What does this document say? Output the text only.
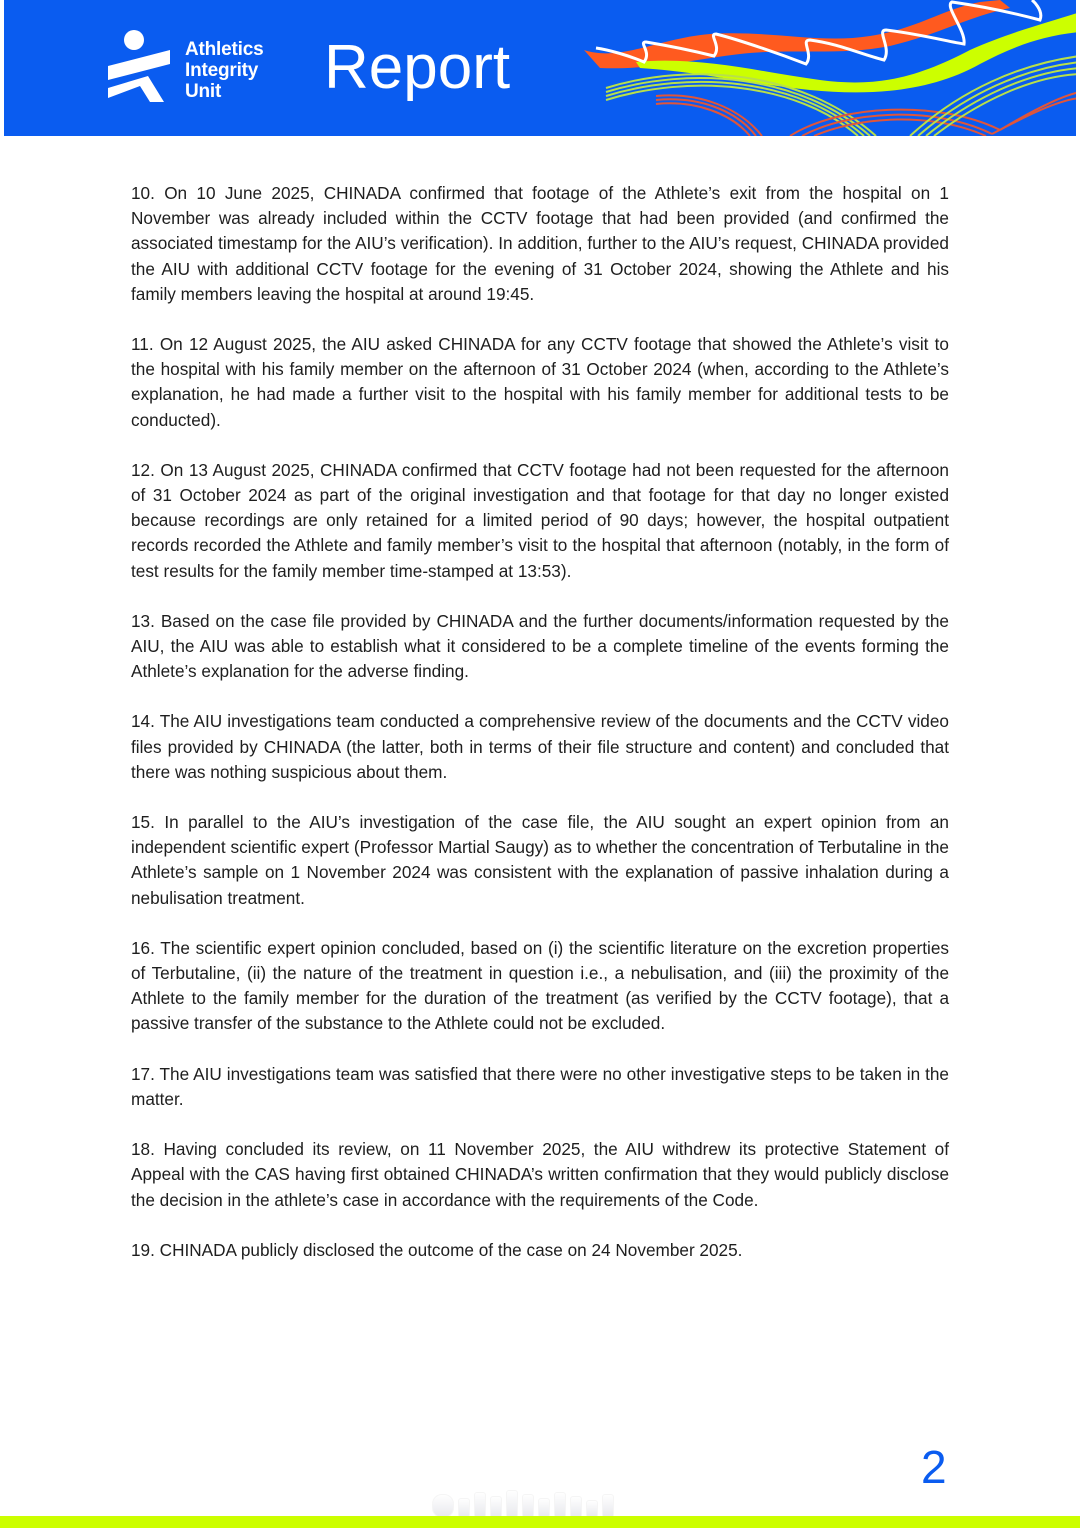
Athletics
Integrity
Unit	Report

10. On 10 June 2025, CHINADA confirmed that footage of the Athlete’s exit from the hospital on 1 November was already included within the CCTV footage that had been provided (and confirmed the associated timestamp for the AIU’s verification). In addition, further to the AIU’s request, CHINADA provided the AIU with additional CCTV footage for the evening of 31 October 2024, showing the Athlete and his family members leaving the hospital at around 19:45.

11. On 12 August 2025, the AIU asked CHINADA for any CCTV footage that showed the Athlete’s visit to the hospital with his family member on the afternoon of 31 October 2024 (when, according to the Athlete’s explanation, he had made a further visit to the hospital with his family member for additional tests to be conducted).

12. On 13 August 2025, CHINADA confirmed that CCTV footage had not been requested for the afternoon of 31 October 2024 as part of the original investigation and that footage for that day no longer existed because recordings are only retained for a limited period of 90 days; however, the hospital outpatient records recorded the Athlete and family member’s visit to the hospital that afternoon (notably, in the form of test results for the family member time-stamped at 13:53).

13. Based on the case file provided by CHINADA and the further documents/information requested by the AIU, the AIU was able to establish what it considered to be a complete timeline of the events forming the Athlete’s explanation for the adverse finding.

14. The AIU investigations team conducted a comprehensive review of the documents and the CCTV video files provided by CHINADA (the latter, both in terms of their file structure and content) and concluded that there was nothing suspicious about them.

15. In parallel to the AIU’s investigation of the case file, the AIU sought an expert opinion from an independent scientific expert (Professor Martial Saugy) as to whether the concentration of Terbutaline in the Athlete’s sample on 1 November 2024 was consistent with the explanation of passive inhalation during a nebulisation treatment.

16. The scientific expert opinion concluded, based on (i) the scientific literature on the excretion properties of Terbutaline, (ii) the nature of the treatment in question i.e., a nebulisation, and (iii) the proximity of the Athlete to the family member for the duration of the treatment (as verified by the CCTV footage), that a passive transfer of the substance to the Athlete could not be excluded.

17. The AIU investigations team was satisfied that there were no other investigative steps to be taken in the matter.

18. Having concluded its review, on 11 November 2025, the AIU withdrew its protective Statement of Appeal with the CAS having first obtained CHINADA’s written confirmation that they would publicly disclose the decision in the athlete’s case in accordance with the requirements of the Code.

19. CHINADA publicly disclosed the outcome of the case on 24 November 2025.

2
